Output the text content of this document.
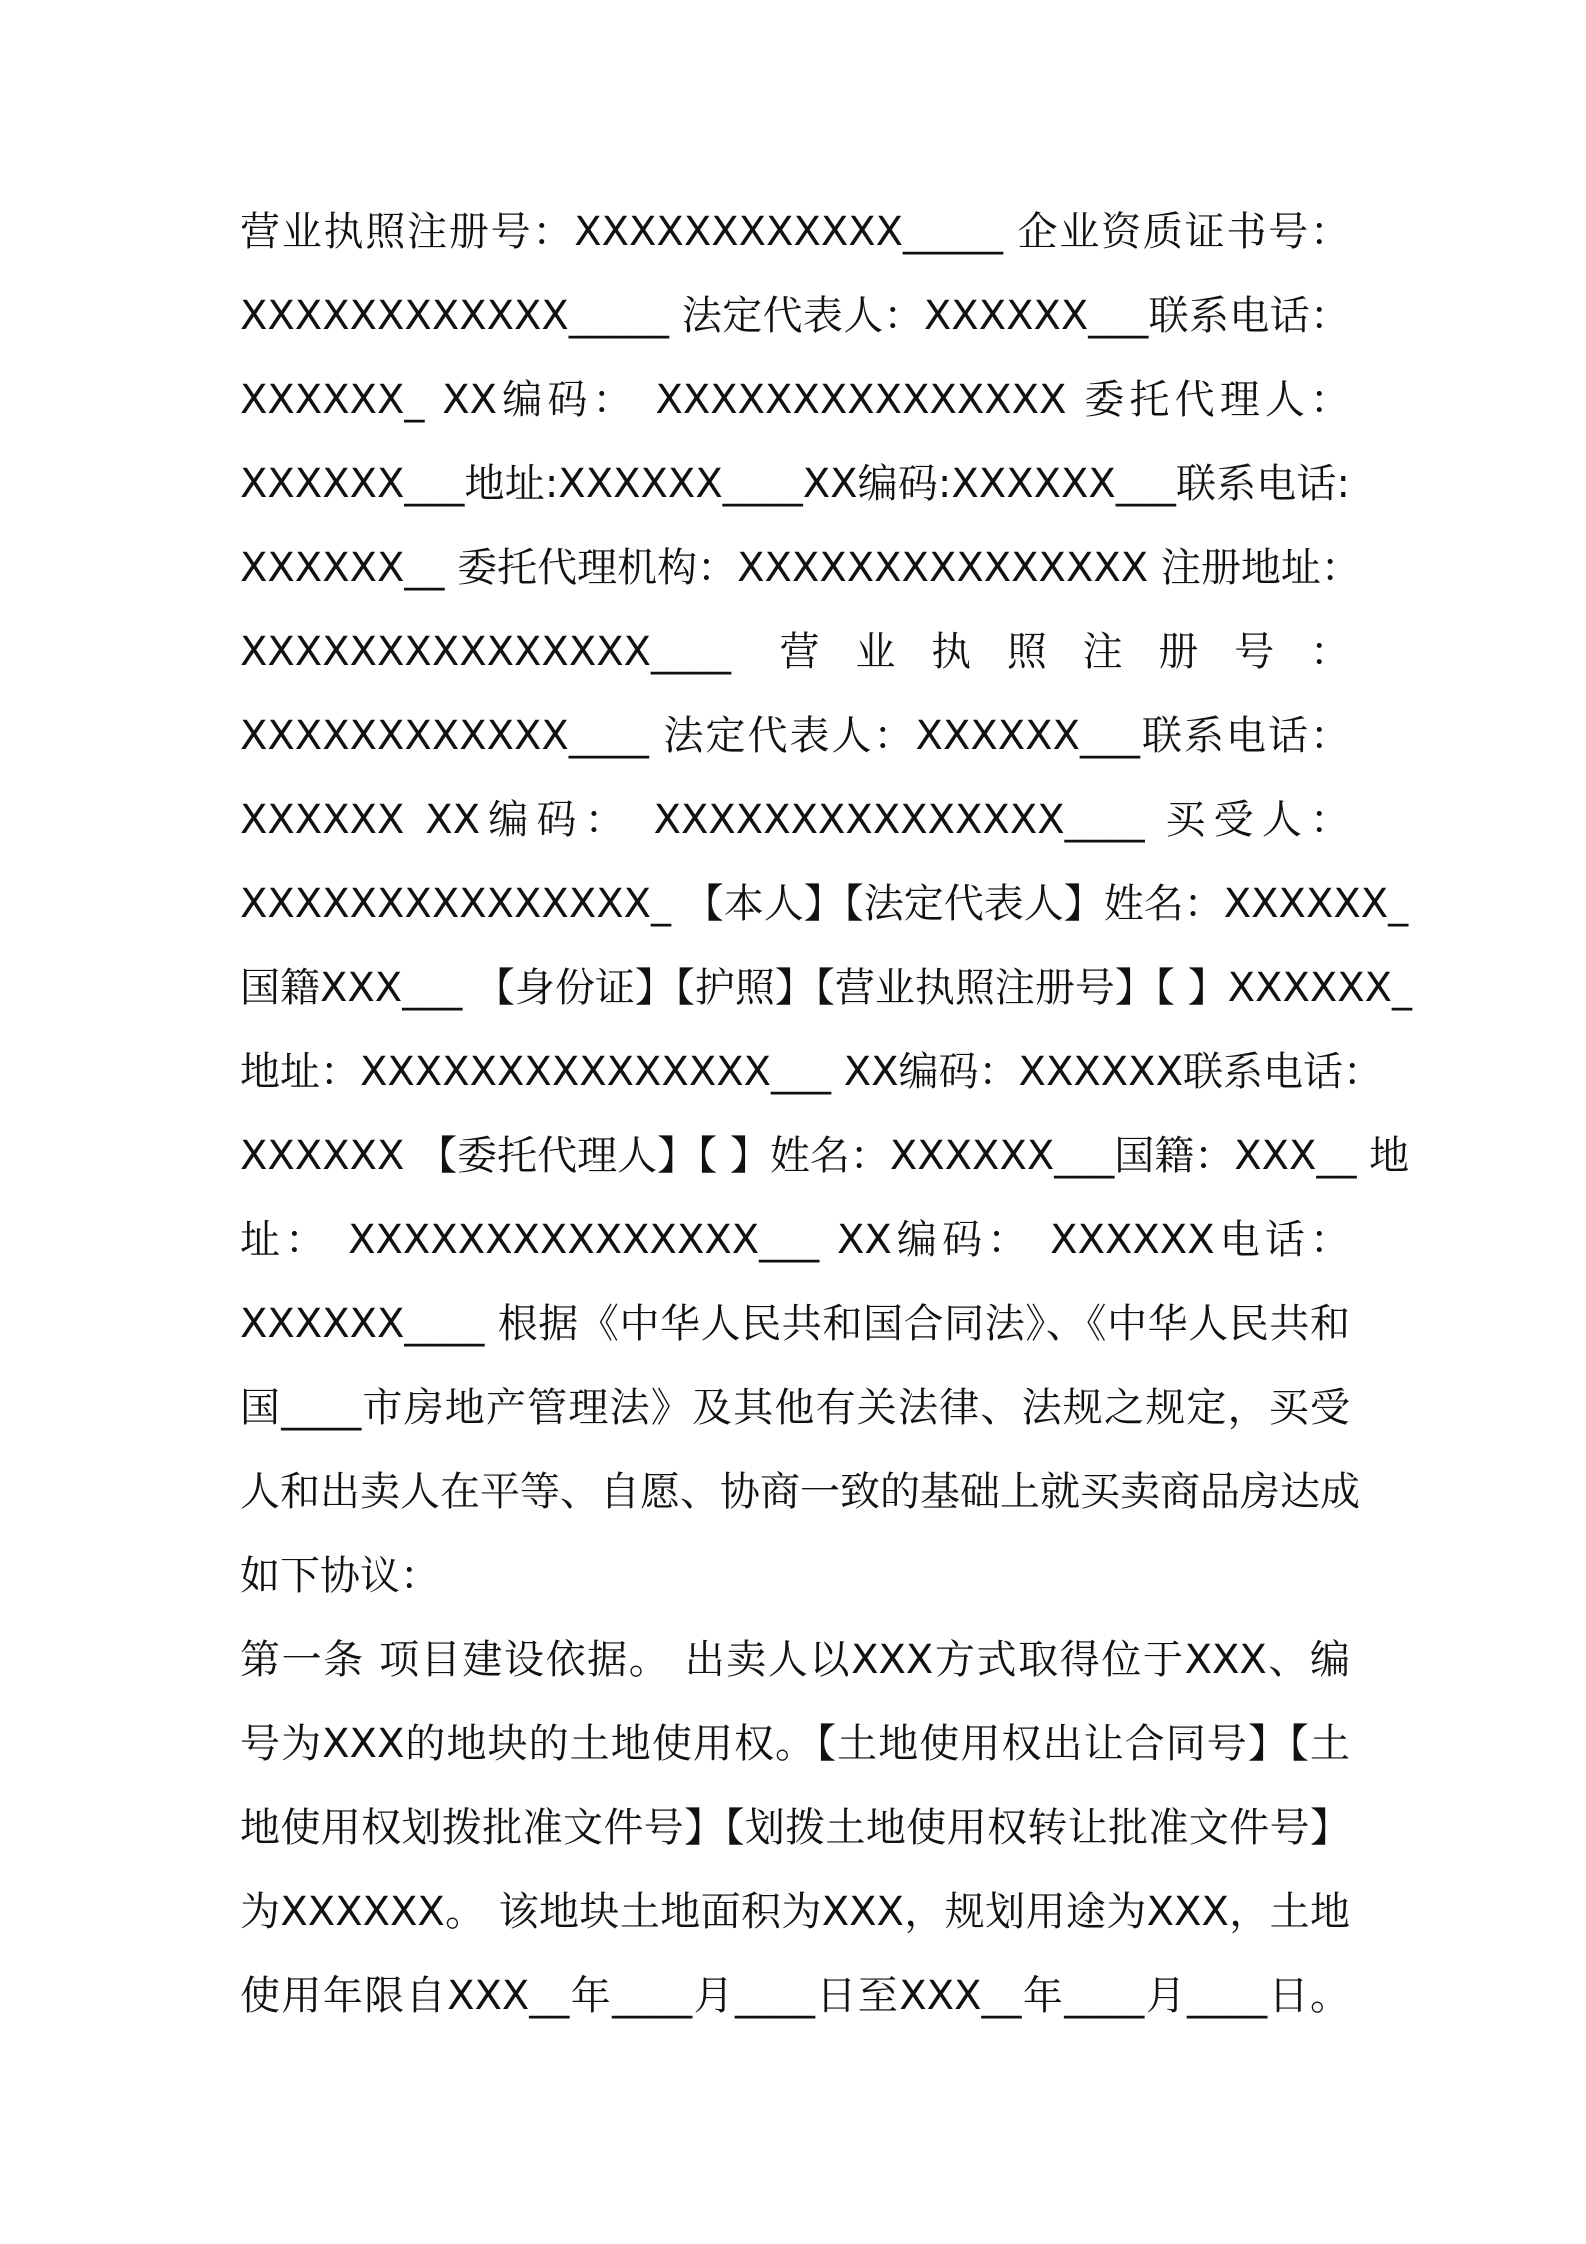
营业执照注册号：XXXXXXXXXXXX_____ 企业资质证书号：
XXXXXXXXXXXX_____ 法定代表人：XXXXXX___联系电话：
XXXXXX_ XX编码： XXXXXXXXXXXXXXX 委托代理人：
XXXXXX___地址:XXXXXX____XX编码:XXXXXX___联系电话:
XXXXXX__ 委托代理机构：XXXXXXXXXXXXXXX 注册地址：
XXXXXXXXXXXXXXX____ 营业执照注册号：
XXXXXXXXXXXX____ 法定代表人：XXXXXX___联系电话：
XXXXXX XX编码： XXXXXXXXXXXXXXX____ 买受人：
XXXXXXXXXXXXXXX_ 【本人】【法定代表人】姓名：XXXXXX_
国籍XXX___ 【身份证】【护照】【营业执照注册号】【 】XXXXXX_
地址：XXXXXXXXXXXXXXX___ XX编码：XXXXXX联系电话：
XXXXXX 【委托代理人】【 】姓名：XXXXXX___国籍：XXX__ 地
址： XXXXXXXXXXXXXXX___ XX编码： XXXXXX电话：
XXXXXX____ 根据《中华人民共和国合同法》、《中华人民共和
国____市房地产管理法》及其他有关法律、法规之规定，买受
人和出卖人在平等、自愿、协商一致的基础上就买卖商品房达成
如下协议：
第一条 项目建设依据。 出卖人以XXX方式取得位于XXX、编
号为XXX的地块的土地使用权。【土地使用权出让合同号】【土
地使用权划拨批准文件号】【划拨土地使用权转让批准文件号】
为XXXXXX。 该地块土地面积为XXX，规划用途为XXX，土地
使用年限自XXX__年____月____日至XXX__年____月____日。
